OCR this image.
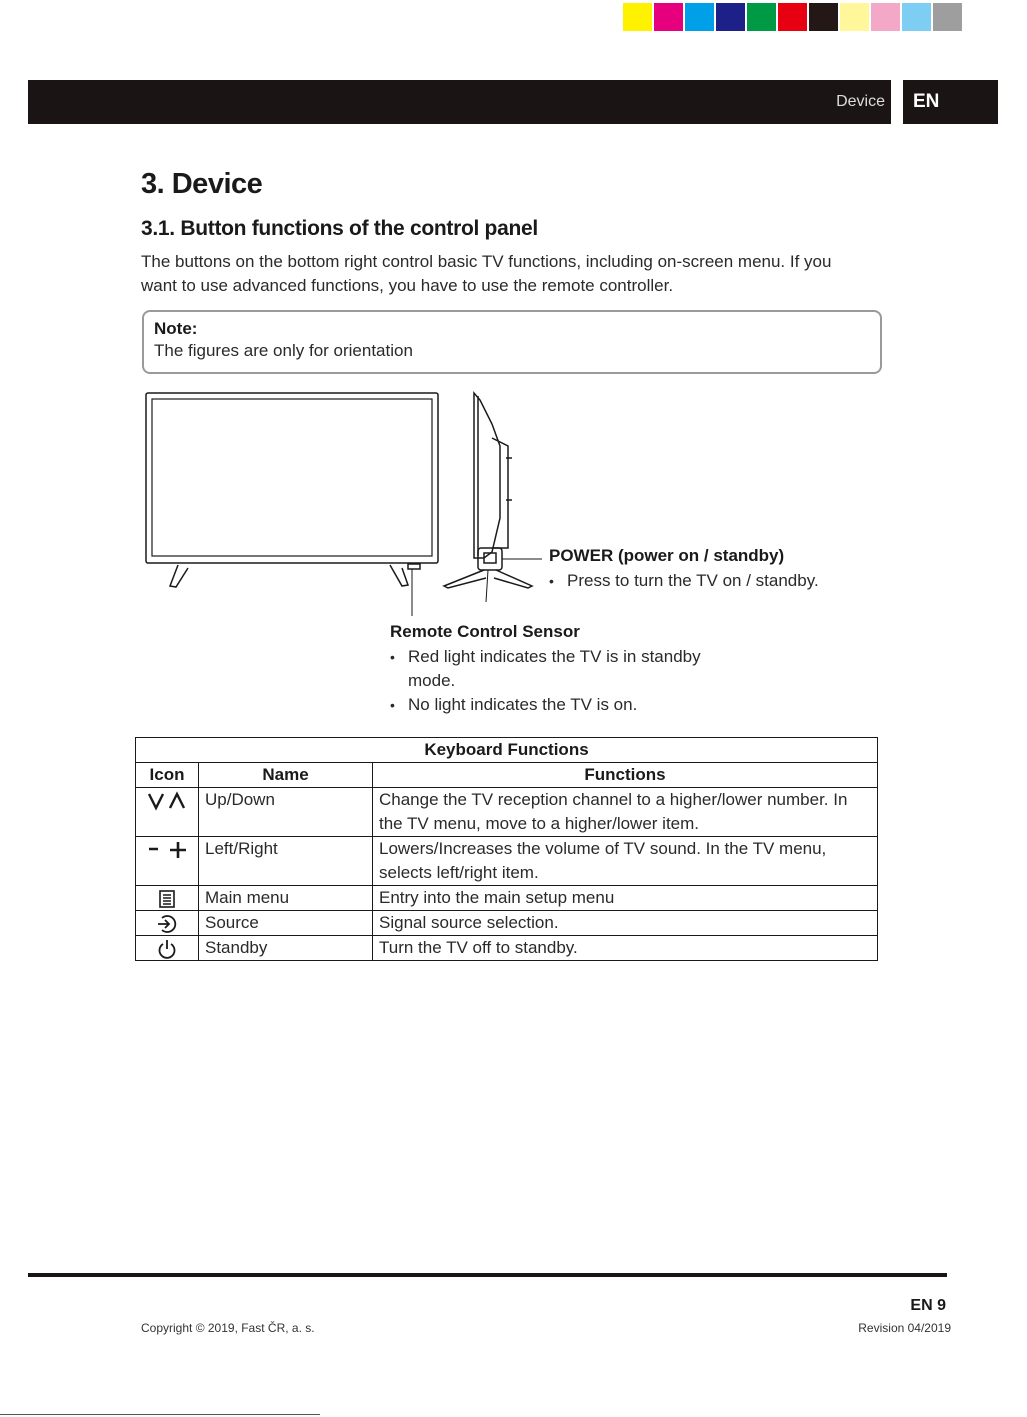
Device EN
3. Device
3.1. Button functions of the control panel
The buttons on the bottom right control basic TV functions, including on-screen menu. If you want to use advanced functions, you have to use the remote controller.
Note:
The figures are only for orientation
POWER (power on / standby)
• Press to turn the TV on / standby.
Remote Control Sensor
• Red light indicates the TV is in standby mode.
• No light indicates the TV is on.
Keyboard Functions		
Icon	Name	Functions

	Up/Down	Change the TV reception channel to a higher/lower number. In the TV menu, move to a higher/lower item.

	Left/Right	Lowers/Increases the volume of TV sound. In the TV menu, selects left/right item.

	Main menu	Entry into the main setup menu

	Source	Signal source selection.

	Standby	Turn the TV off to standby.
EN 9
Copyright © 2019, Fast ČR, a. s.	Revision 04/2019
